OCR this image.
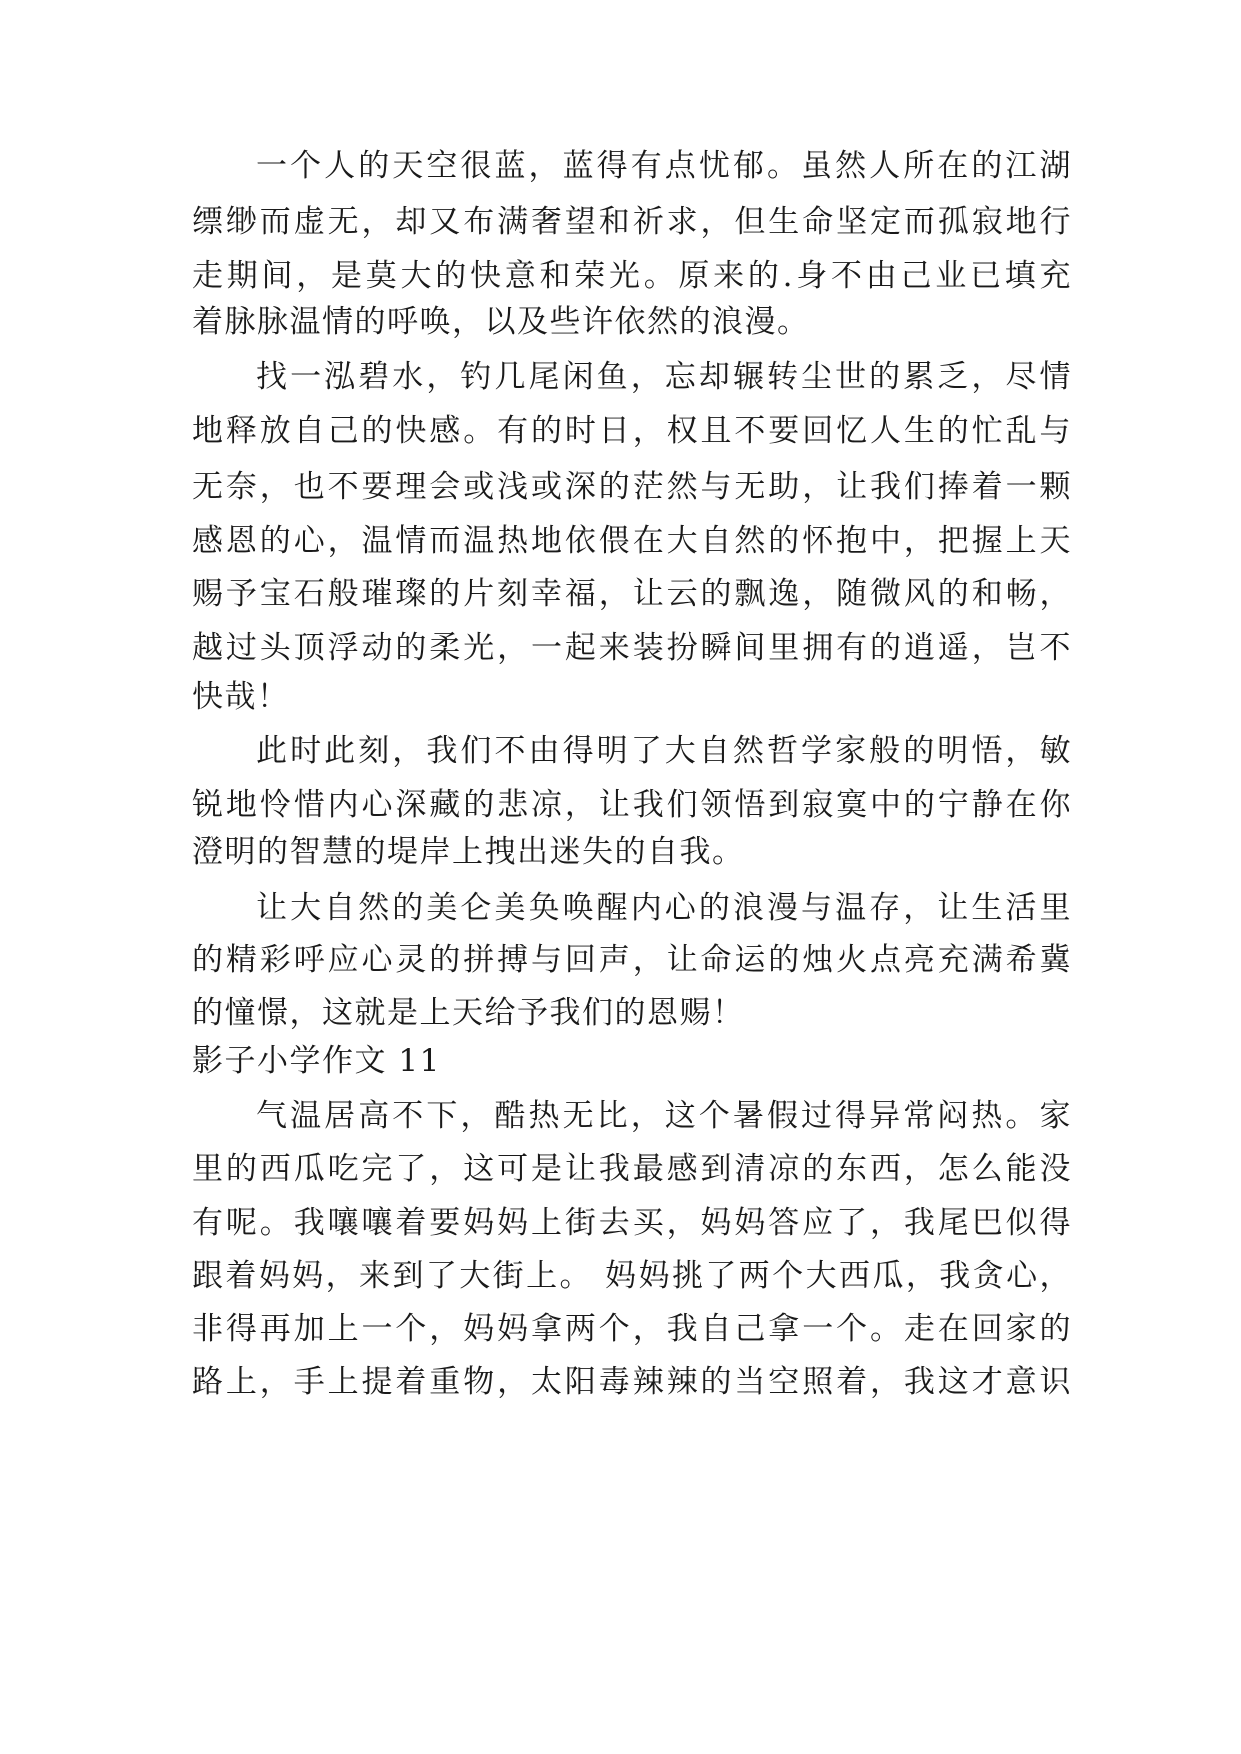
一个人的天空很蓝，蓝得有点忧郁。虽然人所在的江湖
缥缈而虚无，却又布满奢望和祈求，但生命坚定而孤寂地行
走期间，是莫大的快意和荣光。原来的.身不由己业已填充
着脉脉温情的呼唤，以及些许依然的浪漫。
找一泓碧水，钓几尾闲鱼，忘却辗转尘世的累乏，尽情
地释放自己的快感。有的时日，权且不要回忆人生的忙乱与
无奈，也不要理会或浅或深的茫然与无助，让我们捧着一颗
感恩的心，温情而温热地依偎在大自然的怀抱中，把握上天
赐予宝石般璀璨的片刻幸福，让云的飘逸，随微风的和畅，
越过头顶浮动的柔光，一起来装扮瞬间里拥有的逍遥，岂不
快哉！
此时此刻，我们不由得明了大自然哲学家般的明悟，敏
锐地怜惜内心深藏的悲凉，让我们领悟到寂寞中的宁静在你
澄明的智慧的堤岸上拽出迷失的自我。
让大自然的美仑美奂唤醒内心的浪漫与温存，让生活里
的精彩呼应心灵的拼搏与回声，让命运的烛火点亮充满希冀
的憧憬，这就是上天给予我们的恩赐！
影子小学作文 11
气温居高不下，酷热无比，这个暑假过得异常闷热。家
里的西瓜吃完了，这可是让我最感到清凉的东西，怎么能没
有呢。我嚷嚷着要妈妈上街去买，妈妈答应了，我尾巴似得
跟着妈妈，来到了大街上。 妈妈挑了两个大西瓜，我贪心，
非得再加上一个，妈妈拿两个，我自己拿一个。走在回家的
路上，手上提着重物，太阳毒辣辣的当空照着，我这才意识
